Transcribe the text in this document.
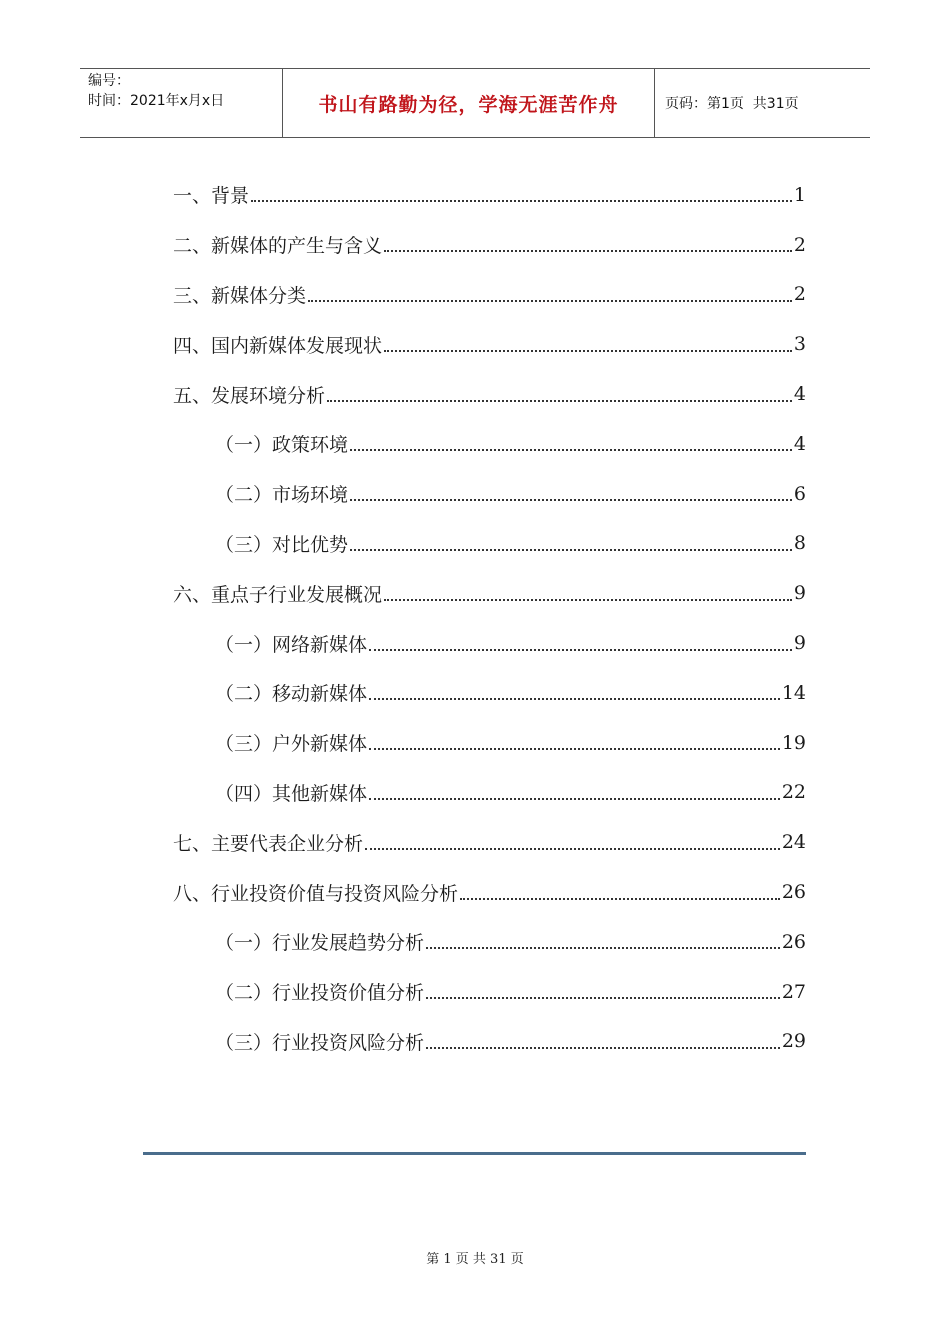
编号：
时间：2021年x月x日	书山有路勤为径，学海无涯苦作舟	页码：第1页  共31页
一、背景	1
二、新媒体的产生与含义	2
三、新媒体分类	2
四、国内新媒体发展现状	3
五、发展环境分析	4
（一）政策环境	4
（二）市场环境	6
（三）对比优势	8
六、重点子行业发展概况	9
（一）网络新媒体	9
（二）移动新媒体	14
（三）户外新媒体	19
（四）其他新媒体	22
七、主要代表企业分析	24
八、行业投资价值与投资风险分析	26
（一）行业发展趋势分析	26
（二）行业投资价值分析	27
（三）行业投资风险分析	29
第 1 页 共 31 页
